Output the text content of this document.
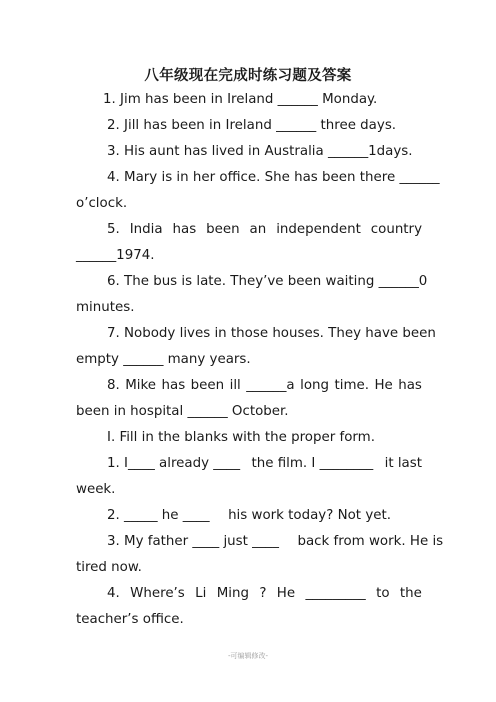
八年级现在完成时练习题及答案
1. Jim has been in Ireland ______ Monday.
2. Jill has been in Ireland ______ three days.
3. His aunt has lived in Australia ______1days.
4. Mary is in her office. She has been there ______
o’clock.
5. India has been an independent country
______1974.
6. The bus is late. They’ve been waiting ______0
minutes.
7. Nobody lives in those houses. They have been
empty ______ many years.
8. Mike has been ill ______a long time. He has
been in hospital ______ October.
I. Fill in the blanks with the proper form.
1. I____ already ____ the film. I ________ it last
week.
2. _____ he ____ his work today? Not yet.
3. My father ____ just ____ back from work. He is
tired now.
4. Where’s Li Ming ? He _________ to the
teacher’s office.
-可编辑修改-
